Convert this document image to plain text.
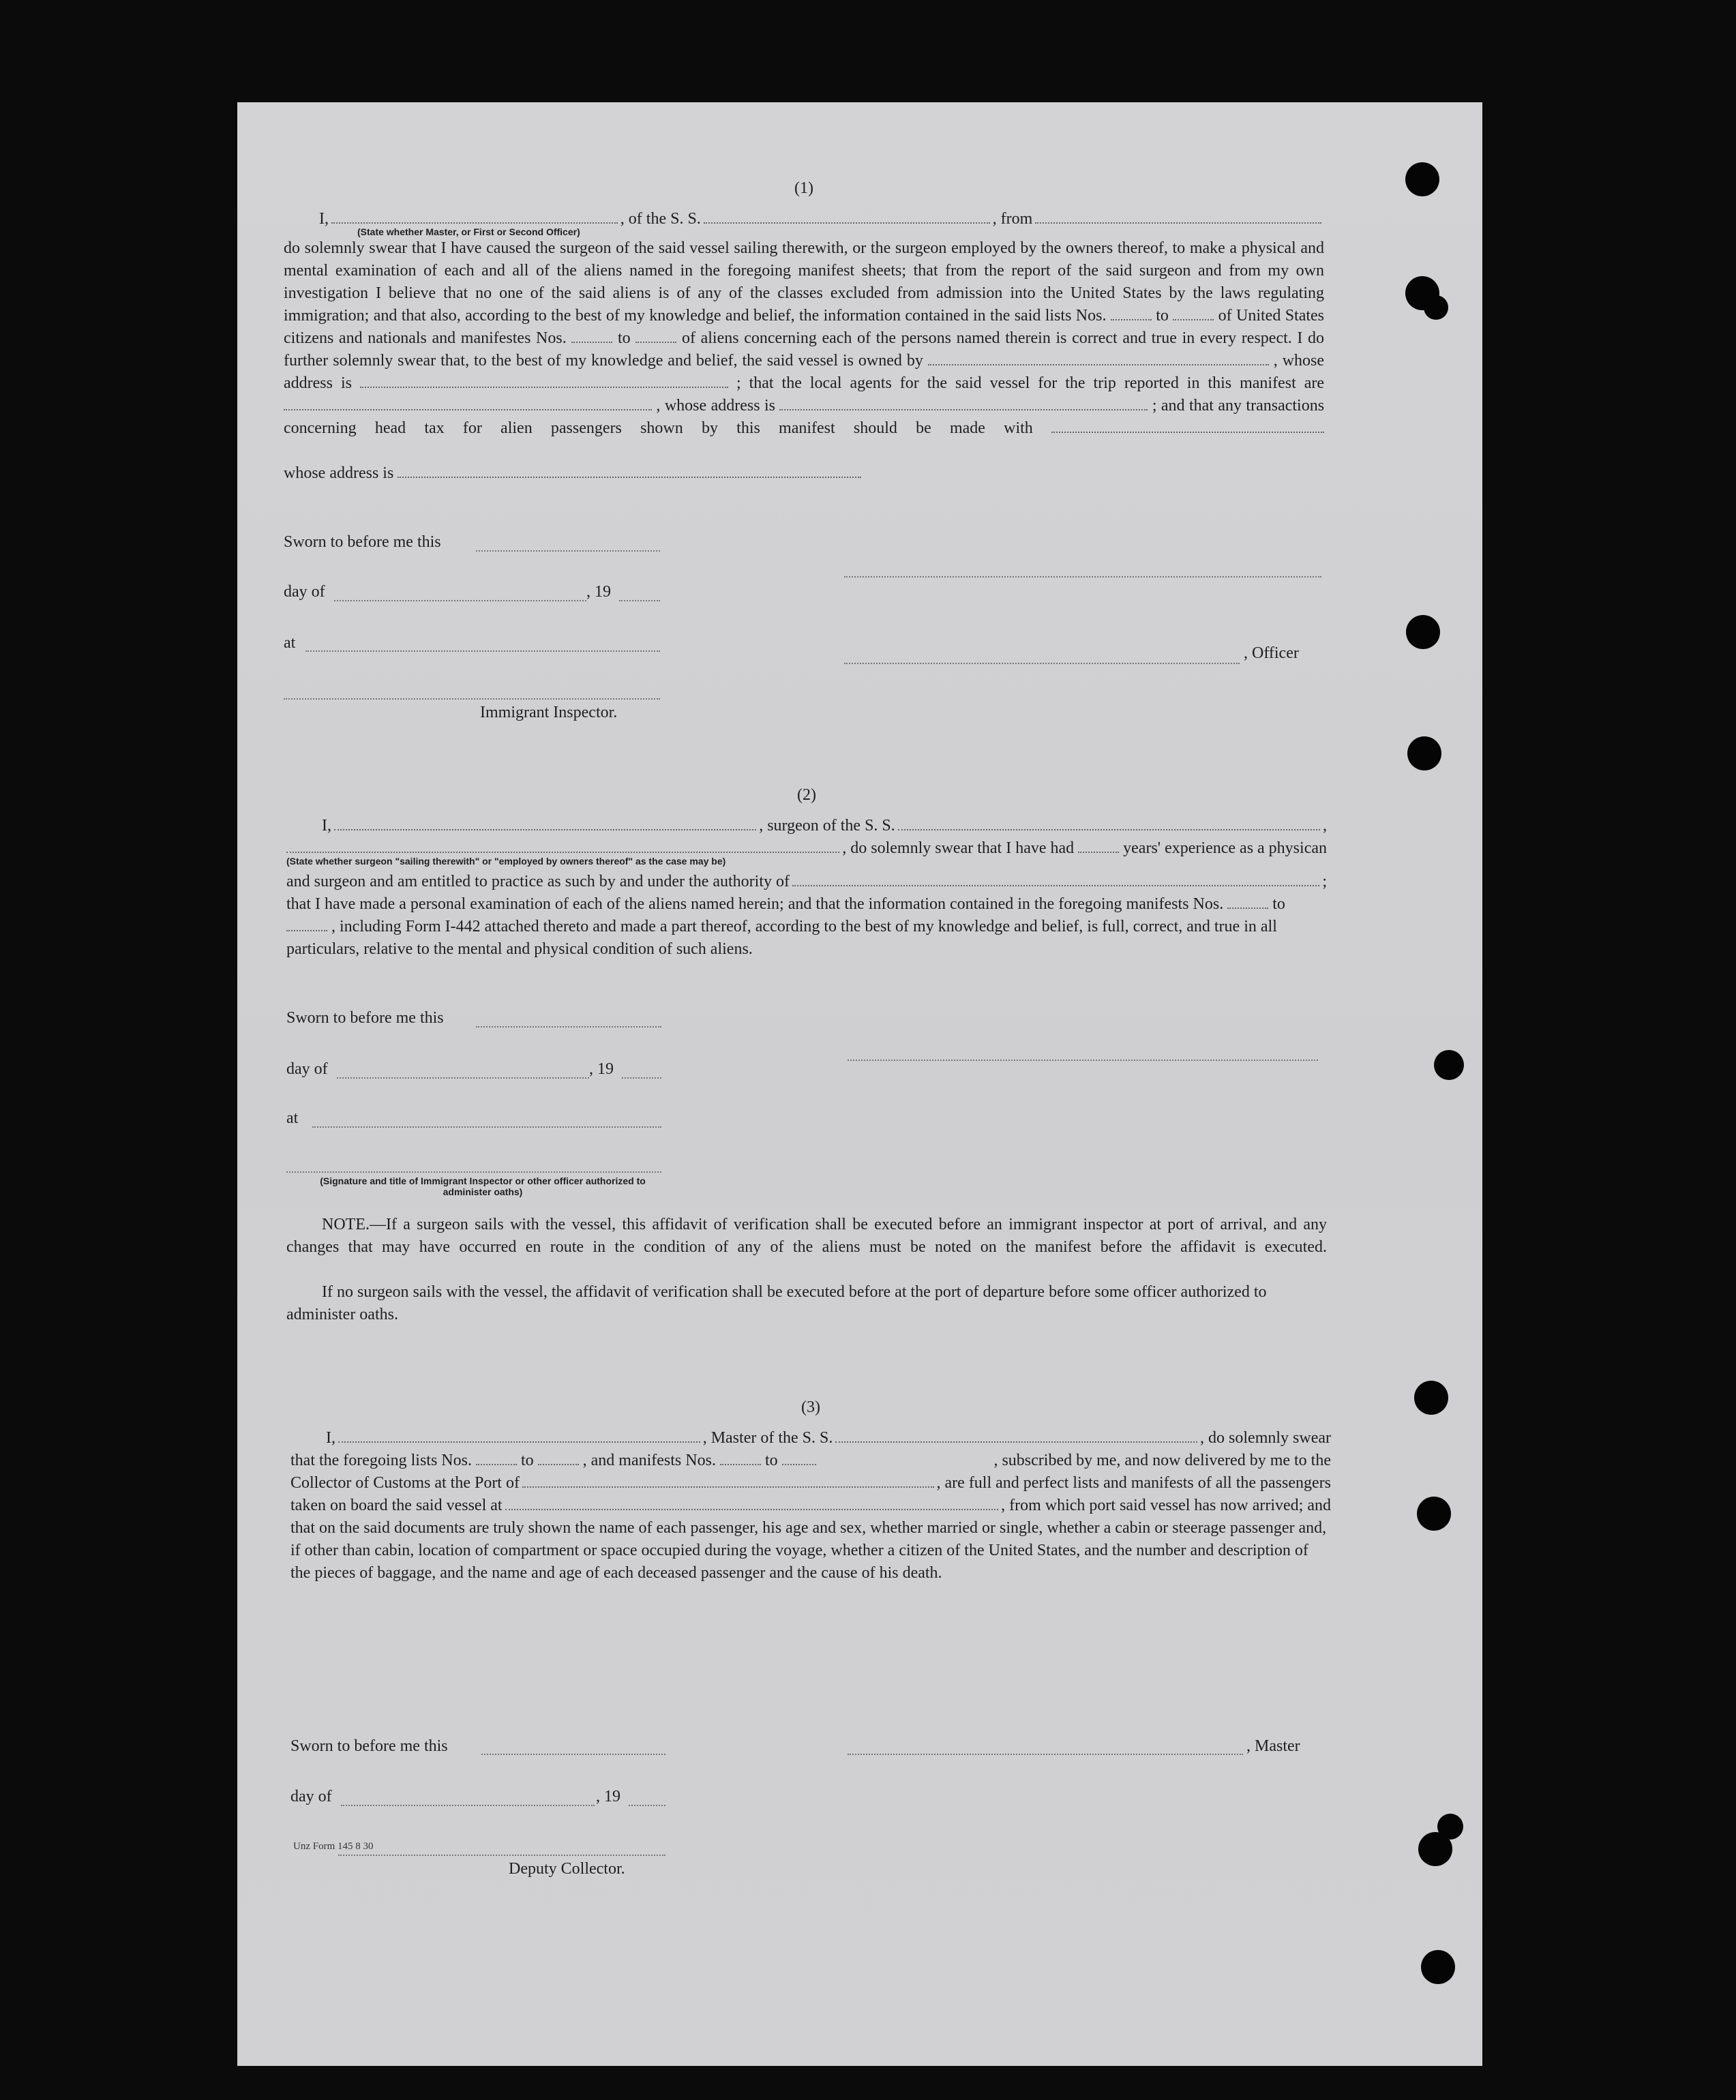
(1)
I,	, of the S. S.	, from
(State whether Master, or First or Second Officer)

do solemnly swear that I have caused the surgeon of the said vessel sailing therewith, or the surgeon employed by the owners thereof, to make a physical and mental examination of each and all of the aliens named in the foregoing manifest sheets; that from the report of the said surgeon and from my own investigation I believe that no one of the said aliens is of any of the classes excluded from admission into the United States by the laws regulating immigration; and that also, according to the best of my knowledge and belief, the information contained in the said lists Nos.	to	of United States citizens and nationals and manifestes Nos.	to	of aliens concerning each of the persons named therein is correct and true in every respect. I do further solemnly swear that, to the best of my knowledge and belief, the said vessel is owned by	, whose address is	; that the local agents for the said vessel for the trip reported in this manifest are  , whose address is	; and that any transactions concerning head tax for alien passengers shown by this manifest should be made with

whose address is

Sworn to before me this
day of	, 19
at
, Officer
Immigrant Inspector.
(2)
I,	, surgeon of the S. S.	,
, do solemnly swear that I have had	years' experience as a physican
(State whether surgeon "sailing therewith" or "employed by owners thereof" as the case may be)
and surgeon and am entitled to practice as such by and under the authority of	;

that I have made a personal examination of each of the aliens named herein; and that the information contained in the foregoing manifests Nos.	to  , including Form I-442 attached thereto and made a part thereof, according to the best of my knowledge and belief, is full, correct, and true in all particulars, relative to the mental and physical condition of such aliens.

Sworn to before me this
day of	, 19
at
(Signature and title of Immigrant Inspector or other officer authorized to administer oaths)

NOTE.—If a surgeon sails with the vessel, this affidavit of verification shall be executed before an immigrant inspector at port of arrival, and any changes that may have occurred en route in the condition of any of the aliens must be noted on the manifest before the affidavit is executed.

If no surgeon sails with the vessel, the affidavit of verification shall be executed before at the port of departure before some officer authorized to administer oaths.

(3)
I,	, Master of the S. S.	, do solemnly swear
that the foregoing lists Nos.	to	, and manifests Nos.	to	, subscribed by me, and now delivered by me to the
Collector of Customs at the Port of	, are full and perfect lists and manifests of all the passengers
taken on board the said vessel at	, from which port said vessel has now arrived; and

that on the said documents are truly shown the name of each passenger, his age and sex, whether married or single, whether a cabin or steerage passenger and, if other than cabin, location of compartment or space occupied during the voyage, whether a citizen of the United States, and the number and description of the pieces of baggage, and the name and age of each deceased passenger and the cause of his death.

Sworn to before me this	, Master
day of	, 19
Deputy Collector.
Unz Form 145 8 30
